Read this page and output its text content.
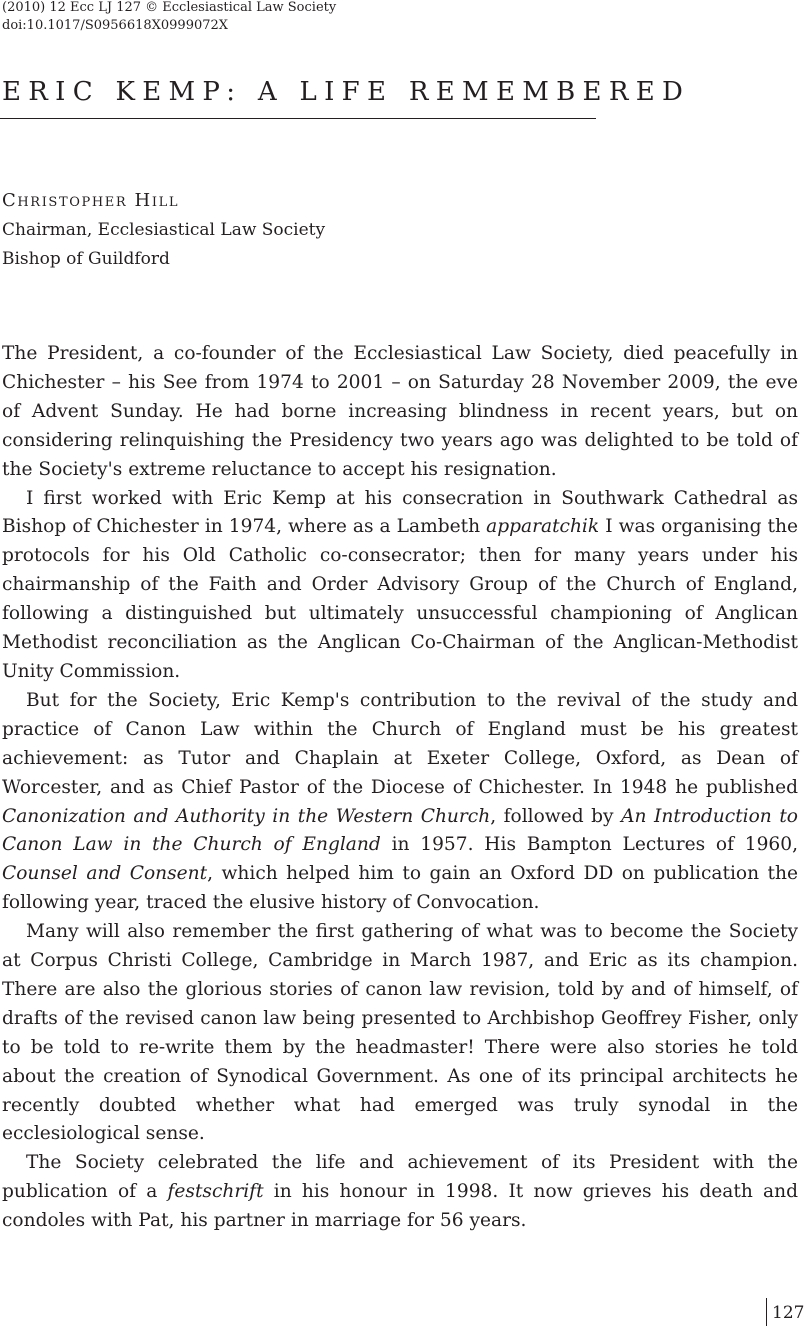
(2010) 12 Ecc LJ 127 © Ecclesiastical Law Society
doi:10.1017/S0956618X0999072X
ERIC KEMP: A LIFE REMEMBERED
Christopher Hill
Chairman, Ecclesiastical Law Society
Bishop of Guildford

The President, a co-founder of the Ecclesiastical Law Society, died peacefully in Chichester – his See from 1974 to 2001 – on Saturday 28 November 2009, the eve of Advent Sunday. He had borne increasing blindness in recent years, but on considering relinquishing the Presidency two years ago was delighted to be told of the Society's extreme reluctance to accept his resignation.

I first worked with Eric Kemp at his consecration in Southwark Cathedral as Bishop of Chichester in 1974, where as a Lambeth apparatchik I was organising the protocols for his Old Catholic co-consecrator; then for many years under his chairmanship of the Faith and Order Advisory Group of the Church of England, following a distinguished but ultimately unsuccessful championing of Anglican Methodist reconciliation as the Anglican Co-Chairman of the Anglican-Methodist Unity Commission.

But for the Society, Eric Kemp's contribution to the revival of the study and practice of Canon Law within the Church of England must be his greatest achievement: as Tutor and Chaplain at Exeter College, Oxford, as Dean of Worcester, and as Chief Pastor of the Diocese of Chichester. In 1948 he published Canonization and Authority in the Western Church, followed by An Introduction to Canon Law in the Church of England in 1957. His Bampton Lectures of 1960, Counsel and Consent, which helped him to gain an Oxford DD on publication the following year, traced the elusive history of Convocation.

Many will also remember the first gathering of what was to become the Society at Corpus Christi College, Cambridge in March 1987, and Eric as its champion. There are also the glorious stories of canon law revision, told by and of himself, of drafts of the revised canon law being presented to Archbishop Geoffrey Fisher, only to be told to re-write them by the headmaster! There were also stories he told about the creation of Synodical Government. As one of its principal architects he recently doubted whether what had emerged was truly synodal in the ecclesiological sense.

The Society celebrated the life and achievement of its President with the publication of a festschrift in his honour in 1998. It now grieves his death and condoles with Pat, his partner in marriage for 56 years.

127
